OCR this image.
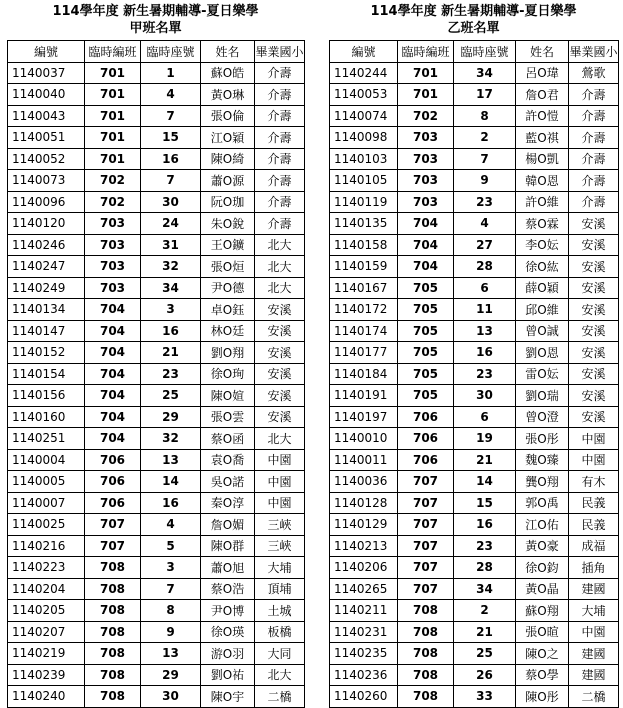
114學年度 新生暑期輔導-夏日樂學
甲班名單
編號	臨時編班	臨時座號	姓名	畢業國小
1140037	701	1	蘇O皓	介壽
1140040	701	4	黃O琳	介壽
1140043	701	7	張O倫	介壽
1140051	701	15	江O穎	介壽
1140052	701	16	陳O綺	介壽
1140073	702	7	蕭O源	介壽
1140096	702	30	阮O珈	介壽
1140120	703	24	朱O銳	介壽
1140246	703	31	王O鑛	北大
1140247	703	32	張O烜	北大
1140249	703	34	尹O德	北大
1140134	704	3	卓O鈺	安溪
1140147	704	16	林O廷	安溪
1140152	704	21	劉O翔	安溪
1140154	704	23	徐O珣	安溪
1140156	704	25	陳O媗	安溪
1140160	704	29	張O雲	安溪
1140251	704	32	蔡O函	北大
1140004	706	13	袁O喬	中園
1140005	706	14	吳O諾	中園
1140007	706	16	秦O淳	中園
1140025	707	4	詹O媚	三峽
1140216	707	5	陳O群	三峽
1140223	708	3	蕭O旭	大埔
1140204	708	7	蔡O浩	頂埔
1140205	708	8	尹O博	土城
1140207	708	9	徐O瑛	板橋
1140219	708	13	游O羽	大同
1140239	708	29	劉O祐	北大
1140240	708	30	陳O宇	二橋
114學年度 新生暑期輔導-夏日樂學
乙班名單
編號	臨時編班	臨時座號	姓名	畢業國小
1140244	701	34	呂O瑋	鶯歌
1140053	701	17	詹O君	介壽
1140074	702	8	許O愷	介壽
1140098	703	2	藍O祺	介壽
1140103	703	7	楊O凱	介壽
1140105	703	9	韓O恩	介壽
1140119	703	23	許O維	介壽
1140135	704	4	蔡O霖	安溪
1140158	704	27	李O妘	安溪
1140159	704	28	徐O紘	安溪
1140167	705	6	薛O穎	安溪
1140172	705	11	邱O維	安溪
1140174	705	13	曾O誠	安溪
1140177	705	16	劉O恩	安溪
1140184	705	23	雷O妘	安溪
1140191	705	30	劉O瑞	安溪
1140197	706	6	曾O澄	安溪
1140010	706	19	張O彤	中園
1140011	706	21	魏O臻	中園
1140036	707	14	龔O翔	有木
1140128	707	15	郭O禹	民義
1140129	707	16	江O佑	民義
1140213	707	23	黃O豪	成福
1140206	707	28	徐O鈞	插角
1140265	707	34	黃O晶	建國
1140211	708	2	蘇O翔	大埔
1140231	708	21	張O暄	中園
1140235	708	25	陳O之	建國
1140236	708	26	蔡O學	建國
1140260	708	33	陳O彤	二橋
